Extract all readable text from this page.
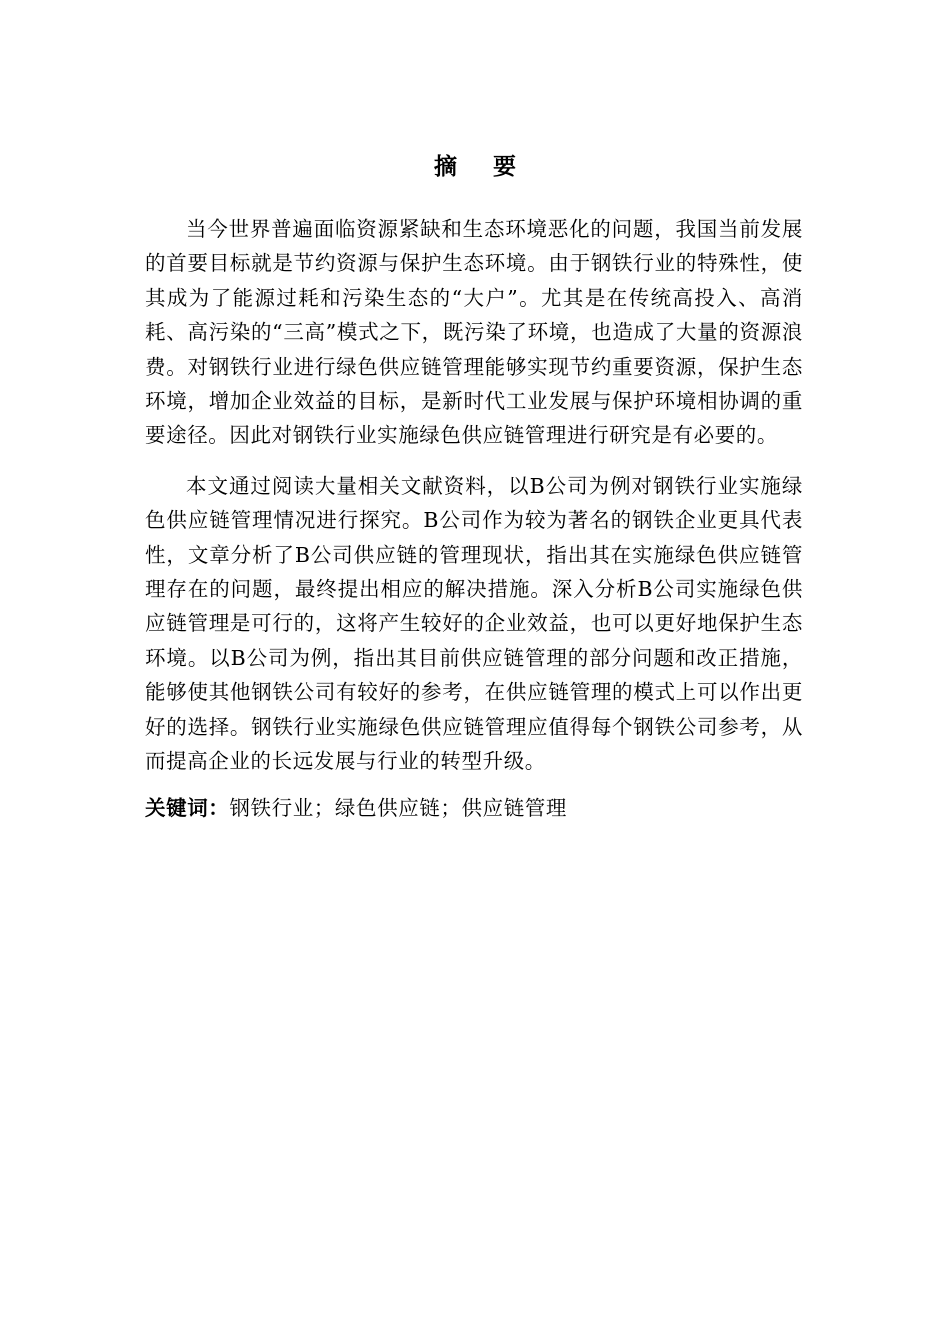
摘要

当今世界普遍面临资源紧缺和生态环境恶化的问题，我国当前发展的首要目标就是节约资源与保护生态环境。由于钢铁行业的特殊性，使其成为了能源过耗和污染生态的“大户”。尤其是在传统高投入、高消耗、高污染的“三高”模式之下，既污染了环境，也造成了大量的资源浪费。对钢铁行业进行绿色供应链管理能够实现节约重要资源，保护生态环境，增加企业效益的目标，是新时代工业发展与保护环境相协调的重要途径。因此对钢铁行业实施绿色供应链管理进行研究是有必要的。

本文通过阅读大量相关文献资料，以B公司为例对钢铁行业实施绿色供应链管理情况进行探究。B公司作为较为著名的钢铁企业更具代表性，文章分析了B公司供应链的管理现状，指出其在实施绿色供应链管理存在的问题，最终提出相应的解决措施。深入分析B公司实施绿色供应链管理是可行的，这将产生较好的企业效益，也可以更好地保护生态环境。以B公司为例，指出其目前供应链管理的部分问题和改正措施，能够使其他钢铁公司有较好的参考，在供应链管理的模式上可以作出更好的选择。钢铁行业实施绿色供应链管理应值得每个钢铁公司参考，从而提高企业的长远发展与行业的转型升级。

关键词：钢铁行业；绿色供应链；供应链管理
